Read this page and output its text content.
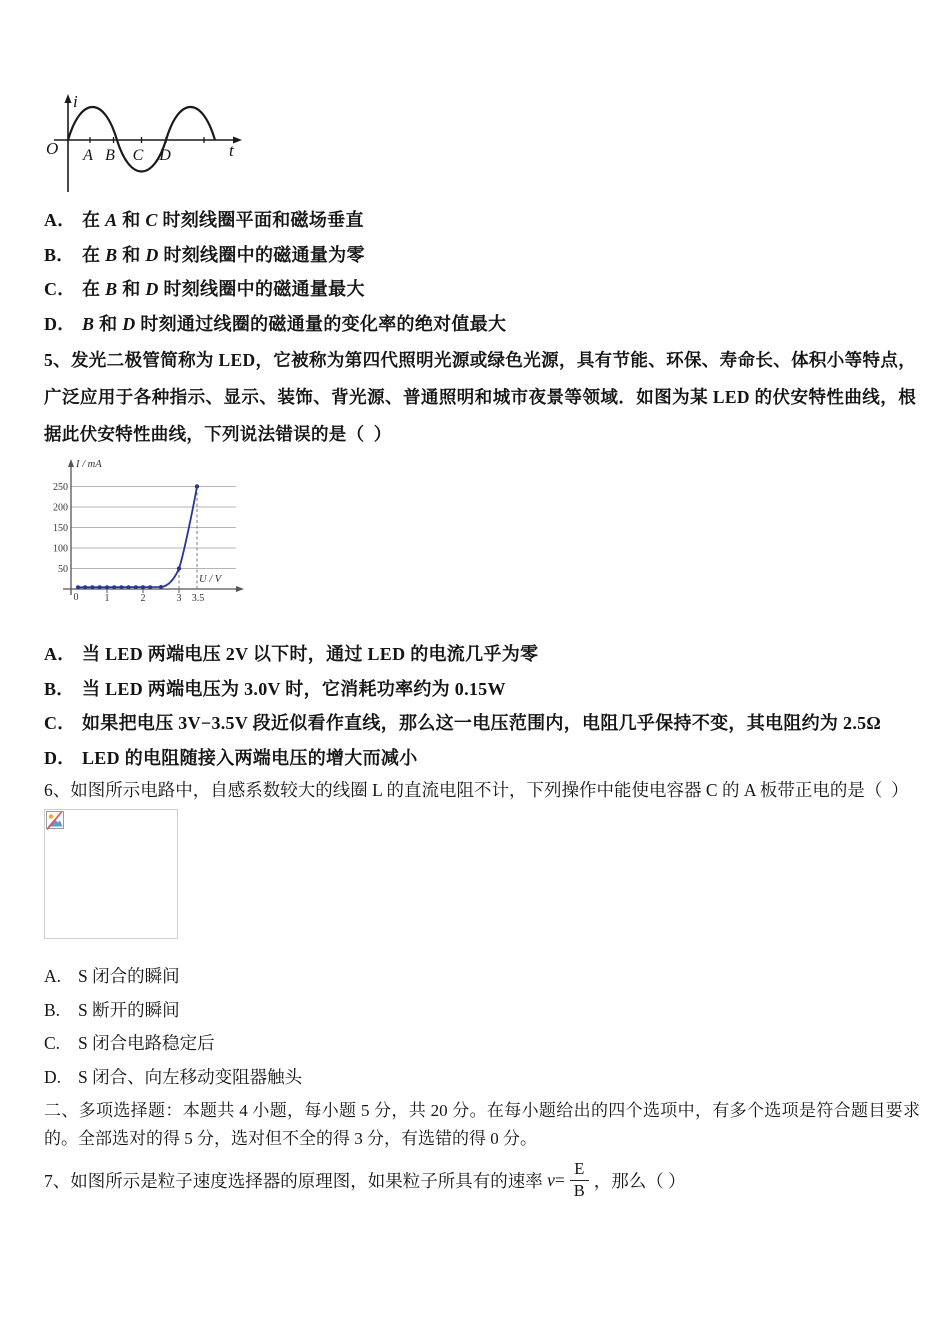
i
O A B C D	t
A． 在 A 和 C 时刻线圈平面和磁场垂直
B． 在 B 和 D 时刻线圈中的磁通量为零
C． 在 B 和 D 时刻线圈中的磁通量最大
D． B 和 D 时刻通过线圈的磁通量的变化率的绝对值最大
5、发光二极管简称为 LED，它被称为第四代照明光源或绿色光源，具有节能、环保、寿命长、体积小等特点，广泛应用于各种指示、显示、装饰、背光源、普通照明和城市夜景等领域．如图为某 LED 的伏安特性曲线，根据此伏安特性曲线，下列说法错误的是（  ）
I / mA
250
200
150
100
50
0	1	2	3 3.5
U / V
A． 当 LED 两端电压 2V 以下时，通过 LED 的电流几乎为零
B． 当 LED 两端电压为 3.0V 时，它消耗功率约为 0.15W
C． 如果把电压 3V−3.5V 段近似看作直线，那么这一电压范围内，电阻几乎保持不变，其电阻约为 2.5Ω
D． LED 的电阻随接入两端电压的增大而减小
6、如图所示电路中，自感系数较大的线圈 L 的直流电阻不计，下列操作中能使电容器 C 的 A 板带正电的是（  ）
A. S 闭合的瞬间
B.	S 断开的瞬间
C.	S 闭合电路稳定后
D. S 闭合、向左移动变阻器触头
二、多项选择题：本题共 4 小题，每小题 5 分，共 20 分。在每小题给出的四个选项中，有多个选项是符合题目要求的。全部选对的得 5 分，选对但不全的得 3 分，有选错的得 0 分。
7、如图所示是粒子速度选择器的原理图，如果粒子所具有的速率 $v = \frac{E}{B}$ ，那么（ ）
